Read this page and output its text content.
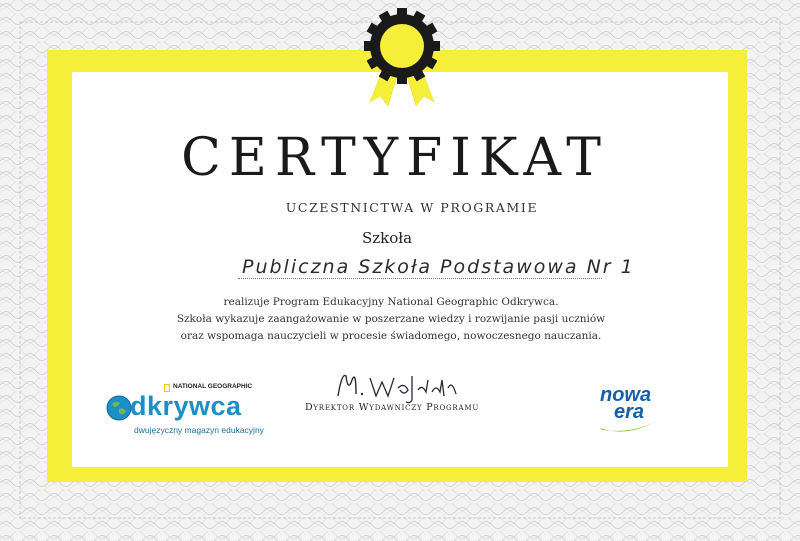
CERTYFIKAT
UCZESTNICTWA W PROGRAMIE
Szkoła
Publiczna Szkoła Podstawowa Nr 1
realizuje Program Edukacyjny National Geographic Odkrywca.
Szkoła wykazuje zaangażowanie w poszerzane wiedzy i rozwijanie pasji uczniów
oraz wspomaga nauczycieli w procesie świadomego, nowoczesnego nauczania.
Dyrektor Wydawniczy Programu
NATIONAL GEOGRAPHIC
dkrywca
dwujęzyczny magazyn edukacyjny
nowa
era
